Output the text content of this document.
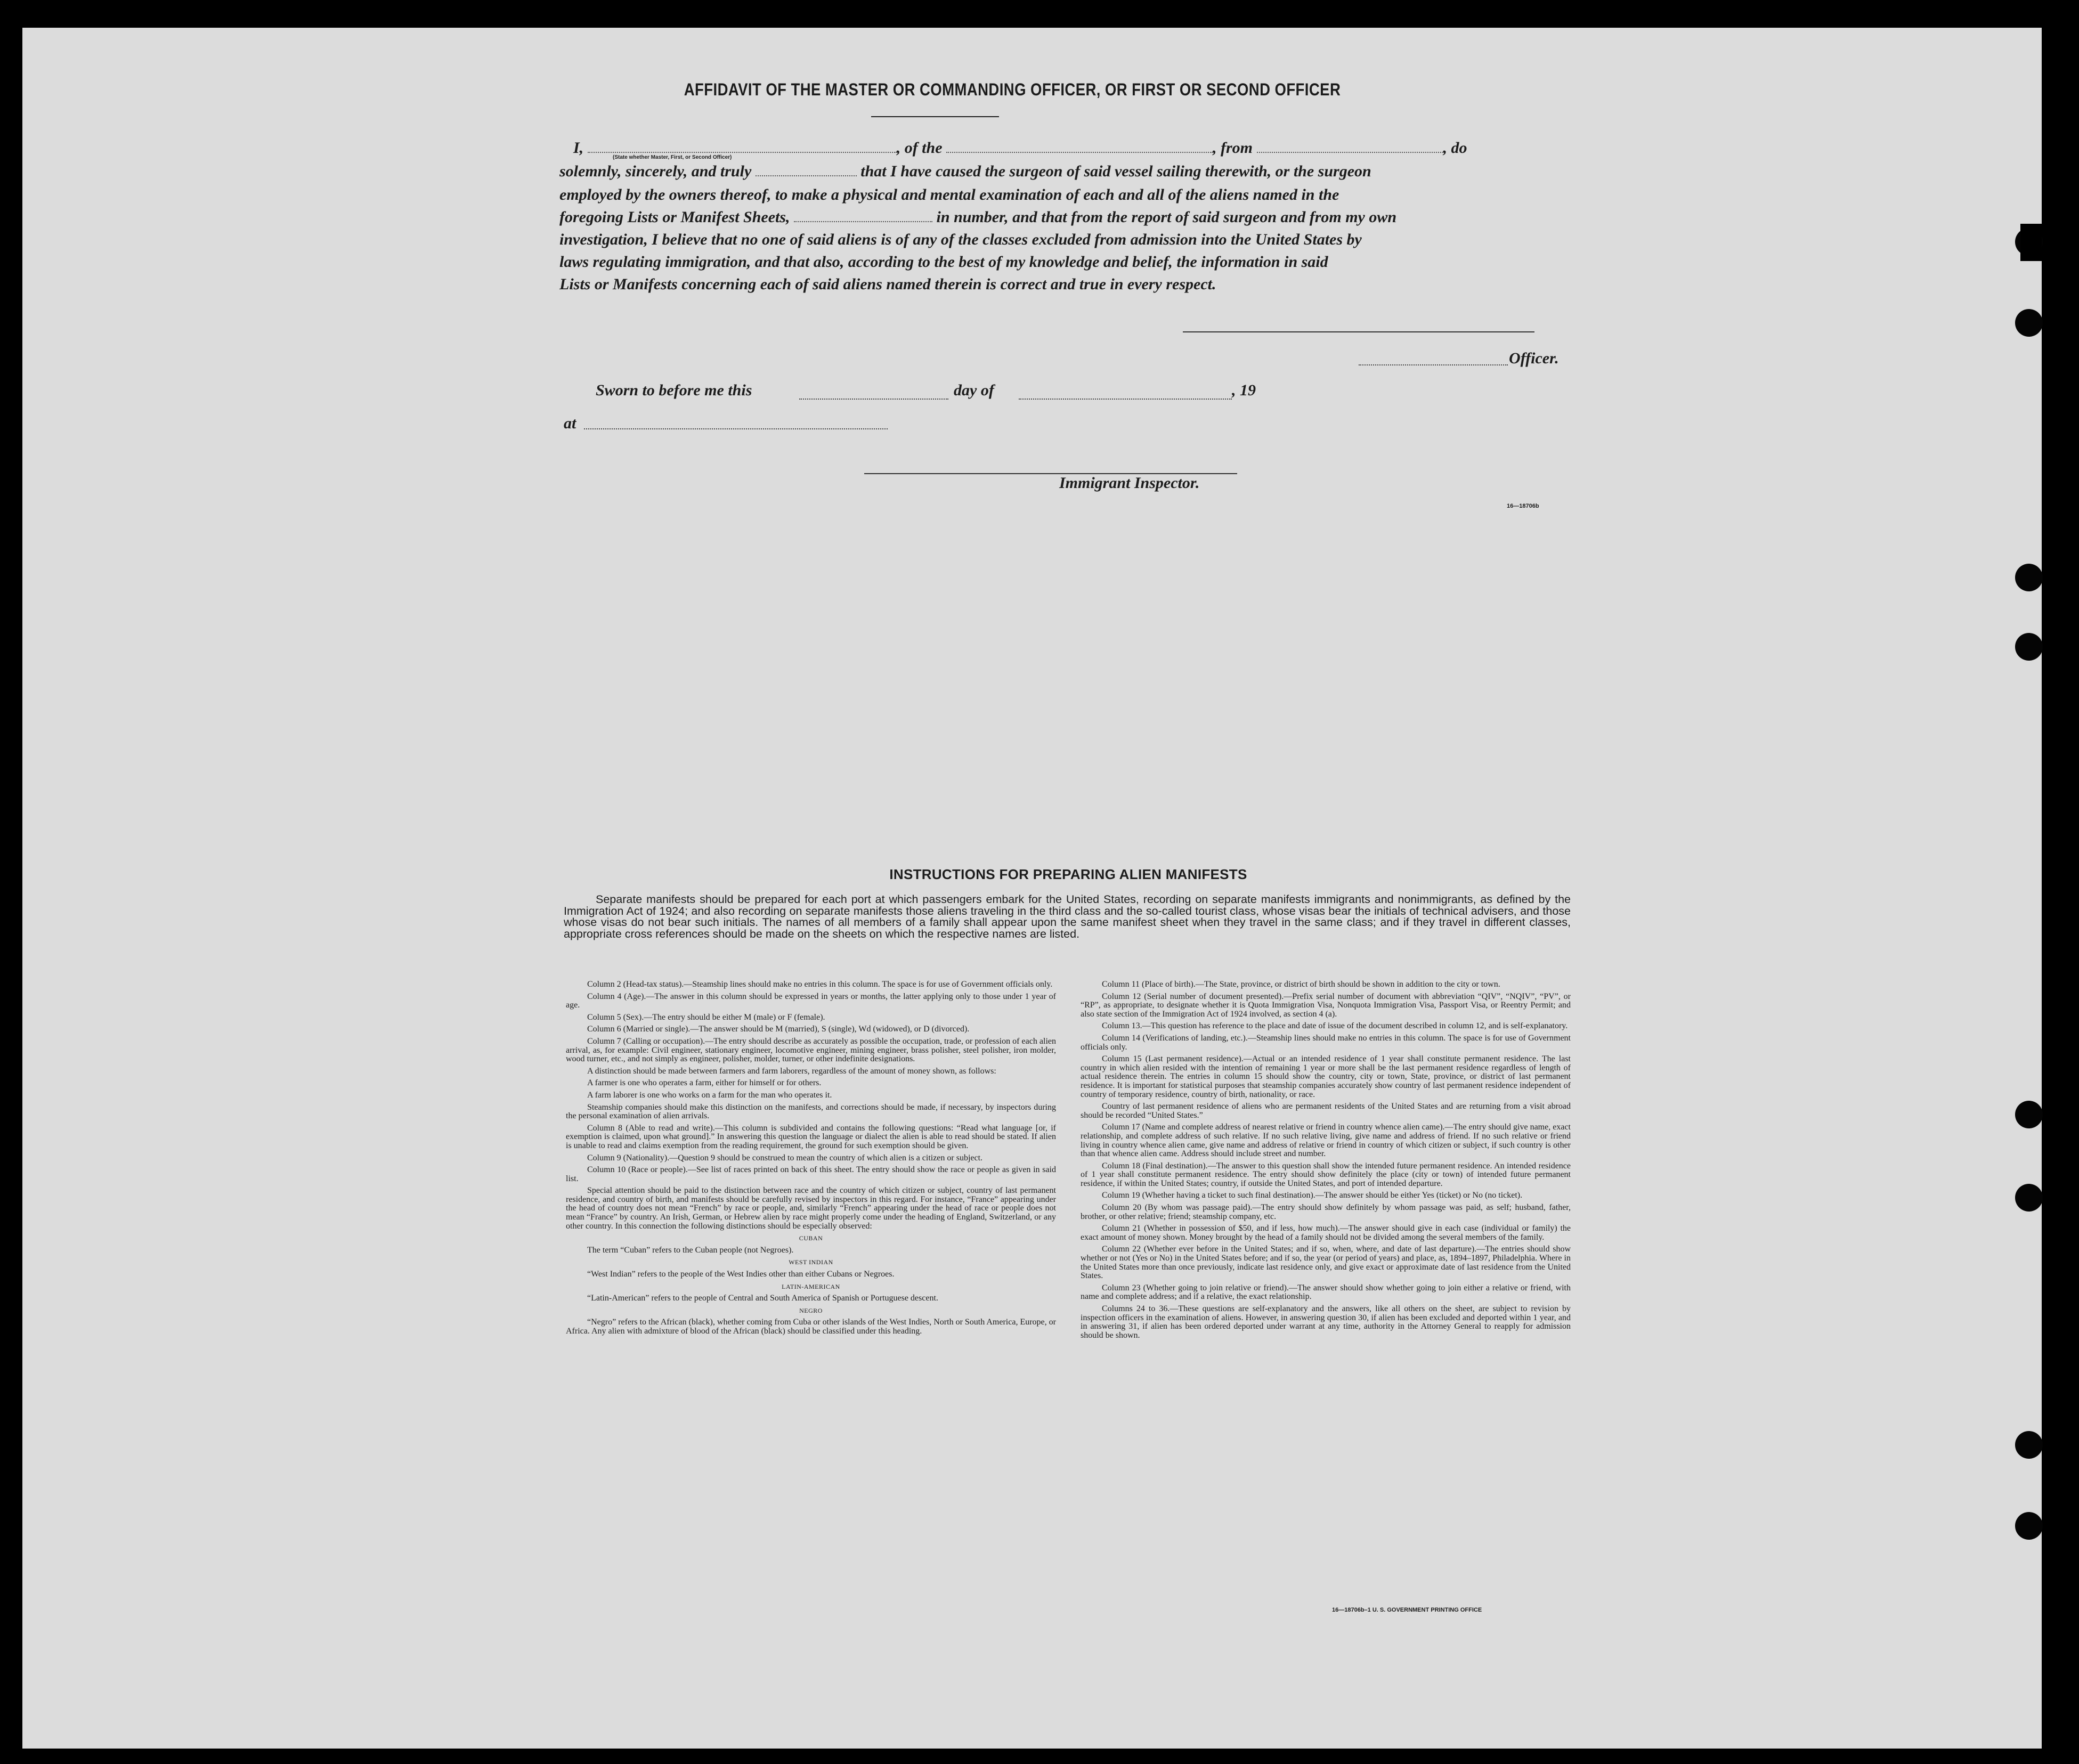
AFFIDAVIT OF THE MASTER OR COMMANDING OFFICER, OR FIRST OR SECOND OFFICER
I,	, of the	, from	, do
(State whether Master, First, or Second Officer)
solemnly, sincerely, and truly	that I have caused the surgeon of said vessel sailing therewith, or the surgeon
employed by the owners thereof, to make a physical and mental examination of each and all of the aliens named in the
foregoing Lists or Manifest Sheets,	in number, and that from the report of said surgeon and from my own
investigation, I believe that no one of said aliens is of any of the classes excluded from admission into the United States by
laws regulating immigration, and that also, according to the best of my knowledge and belief, the information in said
Lists or Manifests concerning each of said aliens named therein is correct and true in every respect.
Officer.
Sworn to before me this	day of	, 19
at
Immigrant Inspector.
16—18706b
INSTRUCTIONS FOR PREPARING ALIEN MANIFESTS
Separate manifests should be prepared for each port at which passengers embark for the United States, recording on separate manifests immigrants and nonimmigrants, as defined by the Immigration Act of 1924; and also recording on separate manifests those aliens traveling in the third class and the so-called tourist class, whose visas bear the initials of technical advisers, and those whose visas do not bear such initials. The names of all members of a family shall appear upon the same manifest sheet when they travel in the same class; and if they travel in different classes, appropriate cross references should be made on the sheets on which the respective names are listed.

Column 2 (Head-tax status).—Steamship lines should make no entries in this column. The space is for use of Government officials only.

Column 4 (Age).—The answer in this column should be expressed in years or months, the latter applying only to those under 1 year of age.

Column 5 (Sex).—The entry should be either M (male) or F (female).

Column 6 (Married or single).—The answer should be M (married), S (single), Wd (widowed), or D (divorced).

Column 7 (Calling or occupation).—The entry should describe as accurately as possible the occupation, trade, or profession of each alien arrival, as, for example: Civil engineer, stationary engineer, locomotive engineer, mining engineer, brass polisher, steel polisher, iron molder, wood turner, etc., and not simply as engineer, polisher, molder, turner, or other indefinite designations.

A distinction should be made between farmers and farm laborers, regardless of the amount of money shown, as follows:

A farmer is one who operates a farm, either for himself or for others.

A farm laborer is one who works on a farm for the man who operates it.

Steamship companies should make this distinction on the manifests, and corrections should be made, if necessary, by inspectors during the personal examination of alien arrivals.

Column 8 (Able to read and write).—This column is subdivided and contains the following questions: “Read what language [or, if exemption is claimed, upon what ground].” In answering this question the language or dialect the alien is able to read should be stated. If alien is unable to read and claims exemption from the reading requirement, the ground for such exemption should be given.

Column 9 (Nationality).—Question 9 should be construed to mean the country of which alien is a citizen or subject.

Column 10 (Race or people).—See list of races printed on back of this sheet. The entry should show the race or people as given in said list.

Special attention should be paid to the distinction between race and the country of which citizen or subject, country of last permanent residence, and country of birth, and manifests should be carefully revised by inspectors in this regard. For instance, “France” appearing under the head of country does not mean “French” by race or people, and, similarly “French” appearing under the head of race or people does not mean “France” by country. An Irish, German, or Hebrew alien by race might properly come under the heading of England, Switzerland, or any other country. In this connection the following distinctions should be especially observed:

CUBAN

The term “Cuban” refers to the Cuban people (not Negroes).

WEST INDIAN

“West Indian” refers to the people of the West Indies other than either Cubans or Negroes.

LATIN-AMERICAN

“Latin-American” refers to the people of Central and South America of Spanish or Portuguese descent.

NEGRO

“Negro” refers to the African (black), whether coming from Cuba or other islands of the West Indies, North or South America, Europe, or Africa. Any alien with admixture of blood of the African (black) should be classified under this heading.

Column 11 (Place of birth).—The State, province, or district of birth should be shown in addition to the city or town.

Column 12 (Serial number of document presented).—Prefix serial number of document with abbreviation “QIV”, “NQIV”, “PV”, or “RP”, as appropriate, to designate whether it is Quota Immigration Visa, Nonquota Immigration Visa, Passport Visa, or Reentry Permit; and also state section of the Immigration Act of 1924 involved, as section 4 (a).

Column 13.—This question has reference to the place and date of issue of the document described in column 12, and is self-explanatory.

Column 14 (Verifications of landing, etc.).—Steamship lines should make no entries in this column. The space is for use of Government officials only.

Column 15 (Last permanent residence).—Actual or an intended residence of 1 year shall constitute permanent residence. The last country in which alien resided with the intention of remaining 1 year or more shall be the last permanent residence regardless of length of actual residence therein. The entries in column 15 should show the country, city or town, State, province, or district of last permanent residence. It is important for statistical purposes that steamship companies accurately show country of last permanent residence independent of country of temporary residence, country of birth, nationality, or race.

Country of last permanent residence of aliens who are permanent residents of the United States and are returning from a visit abroad should be recorded “United States.”

Column 17 (Name and complete address of nearest relative or friend in country whence alien came).—The entry should give name, exact relationship, and complete address of such relative. If no such relative living, give name and address of friend. If no such relative or friend living in country whence alien came, give name and address of relative or friend in country of which citizen or subject, if such country is other than that whence alien came. Address should include street and number.

Column 18 (Final destination).—The answer to this question shall show the intended future permanent residence. An intended residence of 1 year shall constitute permanent residence. The entry should show definitely the place (city or town) of intended future permanent residence, if within the United States; country, if outside the United States, and port of intended departure.

Column 19 (Whether having a ticket to such final destination).—The answer should be either Yes (ticket) or No (no ticket).

Column 20 (By whom was passage paid).—The entry should show definitely by whom passage was paid, as self; husband, father, brother, or other relative; friend; steamship company, etc.

Column 21 (Whether in possession of $50, and if less, how much).—The answer should give in each case (individual or family) the exact amount of money shown. Money brought by the head of a family should not be divided among the several members of the family.

Column 22 (Whether ever before in the United States; and if so, when, where, and date of last departure).—The entries should show whether or not (Yes or No) in the United States before; and if so, the year (or period of years) and place, as, 1894–1897, Philadelphia. Where in the United States more than once previously, indicate last residence only, and give exact or approximate date of last residence from the United States.

Column 23 (Whether going to join relative or friend).—The answer should show whether going to join either a relative or friend, with name and complete address; and if a relative, the exact relationship.

Columns 24 to 36.—These questions are self-explanatory and the answers, like all others on the sheet, are subject to revision by inspection officers in the examination of aliens. However, in answering question 30, if alien has been excluded and deported within 1 year, and in answering 31, if alien has been ordered deported under warrant at any time, authority in the Attorney General to reapply for admission should be shown.

16—18706b–1 U. S. GOVERNMENT PRINTING OFFICE
